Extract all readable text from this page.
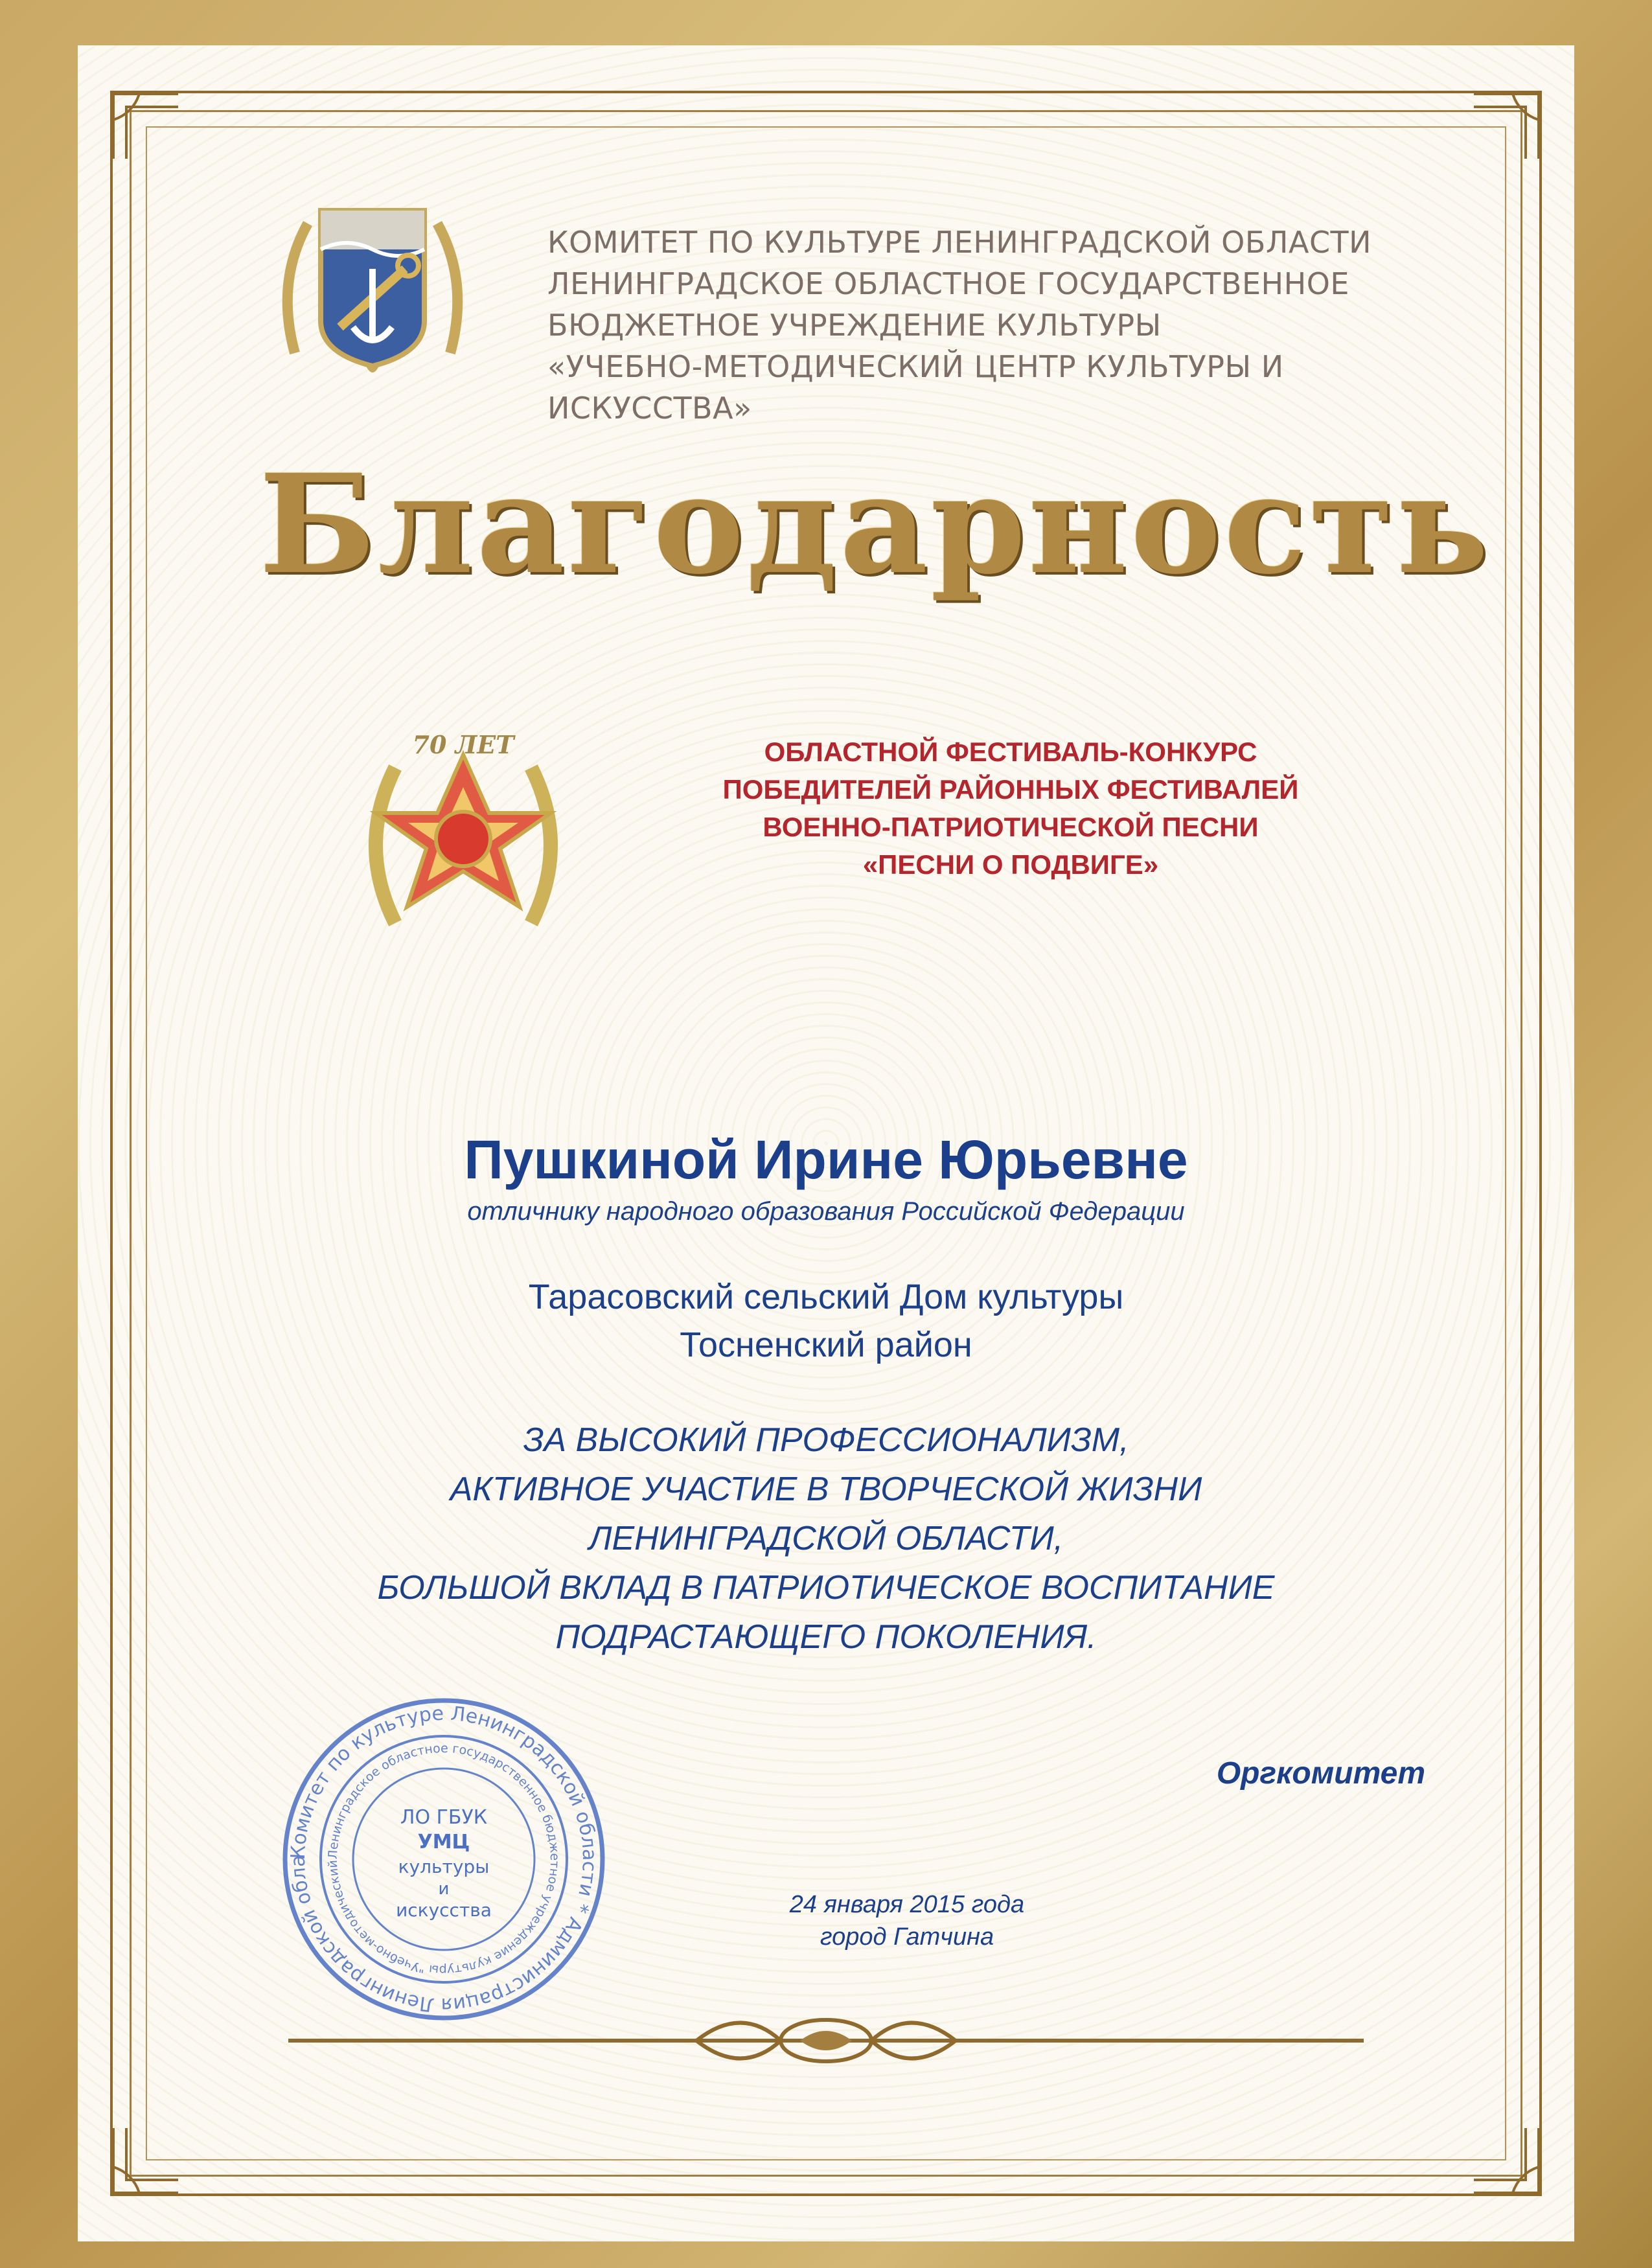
КОМИТЕТ ПО КУЛЬТУРЕ ЛЕНИНГРАДСКОЙ ОБЛАСТИ
ЛЕНИНГРАДСКОЕ ОБЛАСТНОЕ ГОСУДАРСТВЕННОЕ
БЮДЖЕТНОЕ УЧРЕЖДЕНИЕ КУЛЬТУРЫ
«УЧЕБНО-МЕТОДИЧЕСКИЙ ЦЕНТР КУЛЬТУРЫ И ИСКУССТВА»
Благодарность
70 ЛЕТ	ОБЛАСТНОЙ ФЕСТИВАЛЬ-КОНКУРС
ПОБЕДИТЕЛЕЙ РАЙОННЫХ ФЕСТИВАЛЕЙ
ВОЕННО-ПАТРИОТИЧЕСКОЙ ПЕСНИ
«ПЕСНИ О ПОДВИГЕ»
Пушкиной Ирине Юрьевне
отличнику народного образования Российской Федерации
Тарасовский сельский Дом культуры
Тосненский район
ЗА ВЫСОКИЙ ПРОФЕССИОНАЛИЗМ,
АКТИВНОЕ УЧАСТИЕ В ТВОРЧЕСКОЙ ЖИЗНИ
ЛЕНИНГРАДСКОЙ ОБЛАСТИ,
БОЛЬШОЙ ВКЛАД В ПАТРИОТИЧЕСКОЕ ВОСПИТАНИЕ
ПОДРАСТАЮЩЕГО ПОКОЛЕНИЯ.
Комитет по культуре Ленинградской области * Администрация Ленинградской обла
Ленинградское областное государственное бюджетное учреждение культуры "Учебно-методический
ЛО ГБУК
УМЦ
культуры
и
искусства
Оргкомитет
24 января 2015 года
город Гатчина
